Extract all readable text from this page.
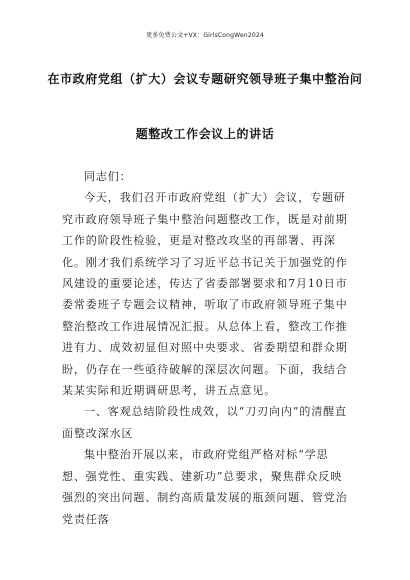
更多免费公文+VX：GirlsCongWen2024
在市政府党组（扩大）会议专题研究领导班子集中整治问
题整改工作会议上的讲话

同志们：

今天，我们召开市政府党组（扩大）会议，专题研究市政府领导班子集中整治问题整改工作，既是对前期工作的阶段性检验，更是对整改攻坚的再部署、再深化。刚才我们系统学习了习近平总书记关于加强党的作风建设的重要论述，传达了省委部署要求和7月10日市委常委班子专题会议精神，听取了市政府领导班子集中整治整改工作进展情况汇报。从总体上看，整改工作推进有力、成效初显但对照中央要求、省委期望和群众期盼，仍存在一些亟待破解的深层次问题。下面，我结合某某实际和近期调研思考，讲五点意见。

一、客观总结阶段性成效，以“刀刃向内”的清醒直面整改深水区

集中整治开展以来，市政府党组严格对标“学思想、强党性、重实践、建新功”总要求，聚焦群众反映强烈的突出问题、制约高质量发展的瓶颈问题、管党治党责任落
